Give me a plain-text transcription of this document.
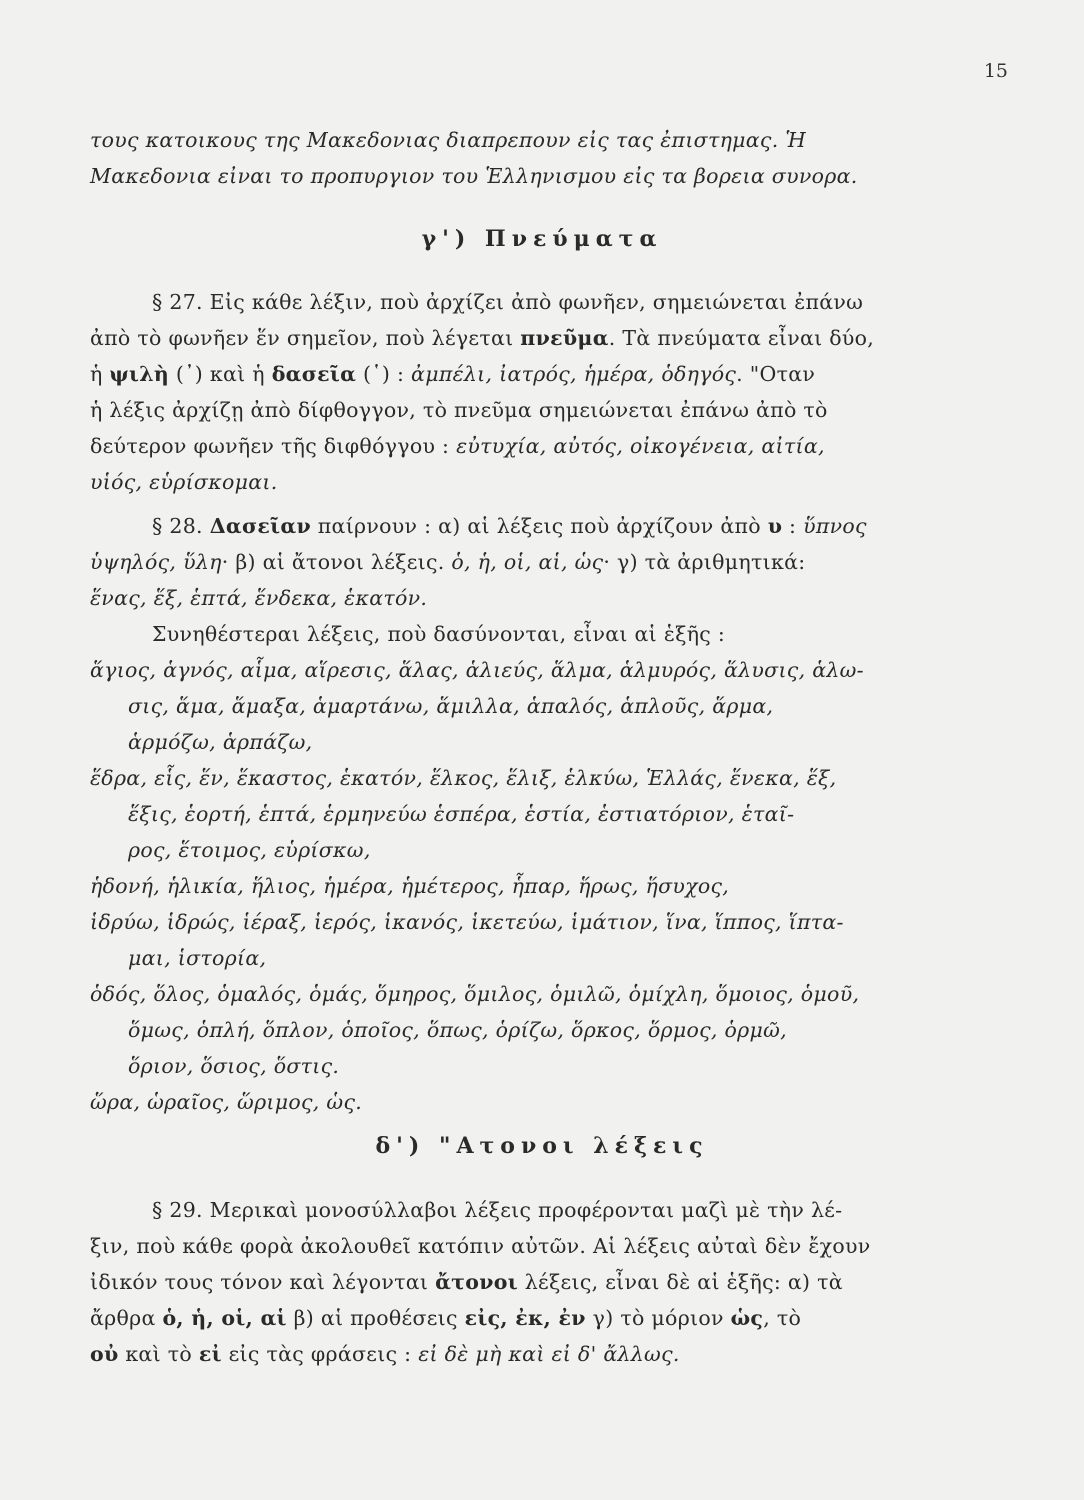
15
τους κατοικους της Μακεδονιας διαπρεπουν εἰς τας ἐπιστημας. Ἡ
Μακεδονια εἰναι το προπυργιον του Ἑλληνισμου εἰς τα βορεια συνορα.
γ') Πνεύματα
§ 27. Εἰς κάθε λέξιν, ποὺ ἀρχίζει ἀπὸ φωνῆεν, σημειώνεται ἐπάνω
ἀπὸ τὸ φωνῆεν ἕν σημεῖον, ποὺ λέγεται πνεῦμα. Τὰ πνεύματα εἶναι δύο,
ἡ ψιλὴ (᾿) καὶ ἡ δασεῖα (῾) : ἀμπέλι, ἰατρός, ἡμέρα, ὁδηγός. "Οταν
ἡ λέξις ἀρχίζῃ ἀπὸ δίφθογγον, τὸ πνεῦμα σημειώνεται ἐπάνω ἀπὸ τὸ
δεύτερον φωνῆεν τῆς διφθόγγου : εὐτυχία, αὐτός, οἰκογένεια, αἰτία,
υἱός, εὑρίσκομαι.
§ 28. Δασεῖαν παίρνουν : α) αἱ λέξεις ποὺ ἀρχίζουν ἀπὸ υ : ὕπνος
ὑψηλός, ὕλη· β) αἱ ἄτονοι λέξεις. ὁ, ἡ, οἱ, αἱ, ὡς· γ) τὰ ἀριθμητικά:
ἕνας, ἕξ, ἑπτά, ἕνδεκα, ἑκατόν.
Συνηθέστεραι λέξεις, ποὺ δασύνονται, εἶναι αἱ ἑξῆς :
ἅγιος, ἁγνός, αἷμα, αἵρεσις, ἅλας, ἁλιεύς, ἅλμα, ἁλμυρός, ἅλυσις, ἁλω-
σις, ἅμα, ἅμαξα, ἁμαρτάνω, ἅμιλλα, ἁπαλός, ἁπλοῦς, ἅρμα,
ἁρμόζω, ἁρπάζω,
ἕδρα, εἷς, ἕν, ἕκαστος, ἑκατόν, ἕλκος, ἕλιξ, ἑλκύω, Ἑλλάς, ἕνεκα, ἕξ,
ἕξις, ἑορτή, ἑπτά, ἑρμηνεύω ἑσπέρα, ἑστία, ἑστιατόριον, ἑταῖ-
ρος, ἕτοιμος, εὑρίσκω,
ἡδονή, ἡλικία, ἥλιος, ἡμέρα, ἡμέτερος, ἧπαρ, ἥρως, ἥσυχος,
ἱδρύω, ἱδρώς, ἱέραξ, ἱερός, ἱκανός, ἱκετεύω, ἱμάτιον, ἵνα, ἵππος, ἵπτα-
μαι, ἱστορία,
ὁδός, ὅλος, ὁμαλός, ὁμάς, ὅμηρος, ὅμιλος, ὁμιλῶ, ὁμίχλη, ὅμοιος, ὁμοῦ,
ὅμως, ὁπλή, ὅπλον, ὁποῖος, ὅπως, ὁρίζω, ὅρκος, ὅρμος, ὁρμῶ,
ὅριον, ὅσιος, ὅστις.
ὥρα, ὡραῖος, ὥριμος, ὡς.
δ') "Ατονοι λέξεις
§ 29. Μερικαὶ μονοσύλλαβοι λέξεις προφέρονται μαζὶ μὲ τὴν λέ-
ξιν, ποὺ κάθε φορὰ ἀκολουθεῖ κατόπιν αὐτῶν. Αἱ λέξεις αὐταὶ δὲν ἔχουν
ἰδικόν τους τόνον καὶ λέγονται ἄτονοι λέξεις, εἶναι δὲ αἱ ἑξῆς: α) τὰ
ἄρθρα ὁ, ἡ, οἱ, αἱ β) αἱ προθέσεις εἰς, ἐκ, ἐν γ) τὸ μόριον ὡς, τὸ
οὐ καὶ τὸ εἰ εἰς τὰς φράσεις : εἰ δὲ μὴ καὶ εἰ δ' ἄλλως.
